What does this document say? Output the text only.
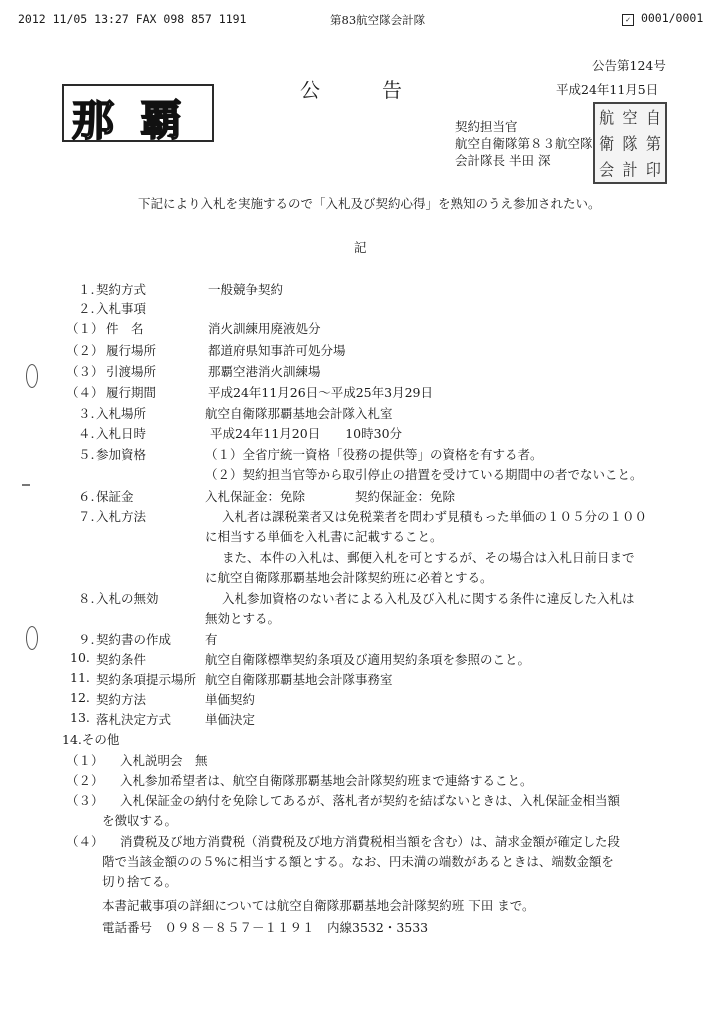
2012 11/05 13:27 FAX 098 857 1191	第83航空隊会計隊	✓ 0001/0001
那 覇
公告
公告第124号
平成24年11月5日
契約担当官
航空自衛隊第８３航空隊
会計隊長 半田 深
航 空 自
衛 隊 第
会 計 印
下記により入札を実施するので「入札及び契約心得」を熟知のうえ参加されたい。
記
１. 契約方式	一般競争契約
２. 入札事項
（１） 件　名	消火訓練用廃液処分
（２） 履行場所	都道府県知事許可処分場
（３） 引渡場所	那覇空港消火訓練場
（４） 履行期間	平成24年11月26日～平成25年3月29日
３. 入札場所	航空自衛隊那覇基地会計隊入札室
４. 入札日時	平成24年11月20日　　10時30分
５. 参加資格	（１）全省庁統一資格「役務の提供等」の資格を有する者。
（２）契約担当官等から取引停止の措置を受けている期間中の者でないこと。
６. 保証金	入札保証金：免除　　　　契約保証金：免除
７. 入札方法	入札者は課税業者又は免税業者を問わず見積もった単価の１０５分の１００
に相当する単価を入札書に記載すること。
また、本件の入札は、郵便入札を可とするが、その場合は入札日前日まで
に航空自衛隊那覇基地会計隊契約班に必着とする。
８. 入札の無効	入札参加資格のない者による入札及び入札に関する条件に違反した入札は
無効とする。
９. 契約書の作成	有
10. 契約条件	航空自衛隊標準契約条項及び適用契約条項を参照のこと。
11. 契約条項提示場所 航空自衛隊那覇基地会計隊事務室
12. 契約方法	単価契約
13. 落札決定方式	単価決定
14.その他
（１） 入札説明会　無
（２） 入札参加希望者は、航空自衛隊那覇基地会計隊契約班まで連絡すること。
（３） 入札保証金の納付を免除してあるが、落札者が契約を結ばないときは、入札保証金相当額
を徴収する。
（４） 消費税及び地方消費税（消費税及び地方消費税相当額を含む）は、請求金額が確定した段
階で当該金額のの５%に相当する額とする。なお、円未満の端数があるときは、端数金額を
切り捨てる。
本書記載事項の詳細については航空自衛隊那覇基地会計隊契約班 下田 まで。
電話番号　０９８－８５７－１１９１　内線3532・3533
